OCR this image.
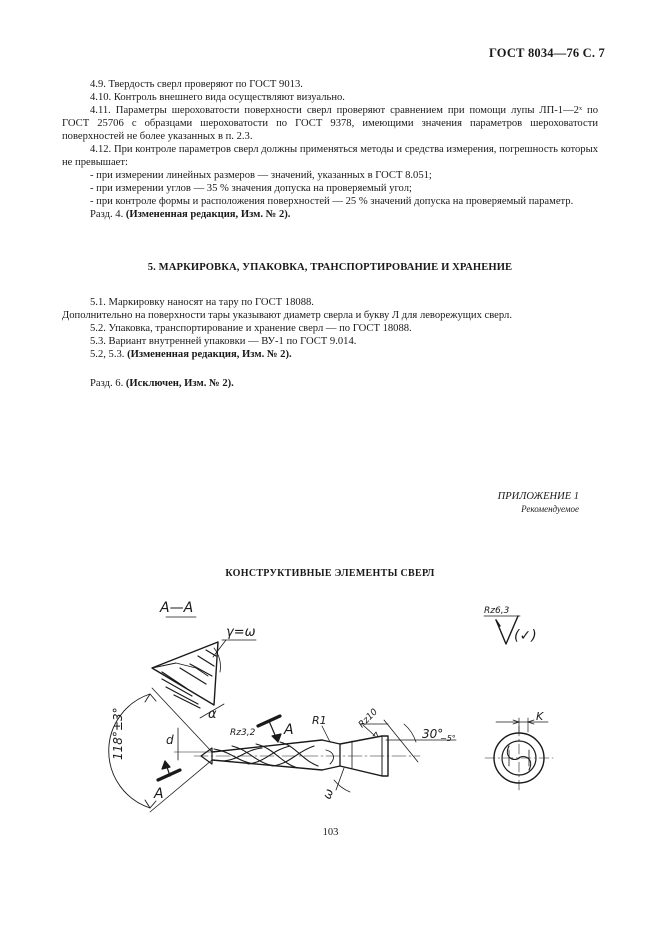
ГОСТ 8034—76 С. 7

4.9. Твердость сверл проверяют по ГОСТ 9013.

4.10. Контроль внешнего вида осуществляют визуально.

4.11. Параметры шероховатости поверхности сверл проверяют сравнением при помощи лупы ЛП-1—2ˣ по ГОСТ 25706 с образцами шероховатости по ГОСТ 9378, имеющими значения параметров шероховатости поверхностей не более указанных в п. 2.3.

4.12. При контроле параметров сверл должны применяться методы и средства измерения, погрешность которых не превышает:

- при измерении линейных размеров — значений, указанных в ГОСТ 8.051;

- при измерении углов — 35 % значения допуска на проверяемый угол;

- при контроле формы и расположения поверхностей — 25 % значений допуска на проверяемый параметр.

Разд. 4. (Измененная редакция, Изм. № 2).

5. МАРКИРОВКА, УПАКОВКА, ТРАНСПОРТИРОВАНИЕ И ХРАНЕНИЕ

5.1. Маркировку наносят на тару по ГОСТ 18088.

Дополнительно на поверхности тары указывают диаметр сверла и букву Л для леворежущих сверл.

5.2. Упаковка, транспортирование и хранение сверл — по ГОСТ 18088.

5.3. Вариант внутренней упаковки — ВУ-1 по ГОСТ 9.014.

5.2, 5.3. (Измененная редакция, Изм. № 2).

Разд. 6. (Исключен, Изм. № 2).

ПРИЛОЖЕНИЕ 1
Рекомендуемое
КОНСТРУКТИВНЫЕ ЭЛЕМЕНТЫ СВЕРЛ
А—А
γ=ω
α
118°±3°	А
А
d	Rz3,2
R1	Rz10
30°
−5°
ω
Rz6,3
(✓)
K
103
